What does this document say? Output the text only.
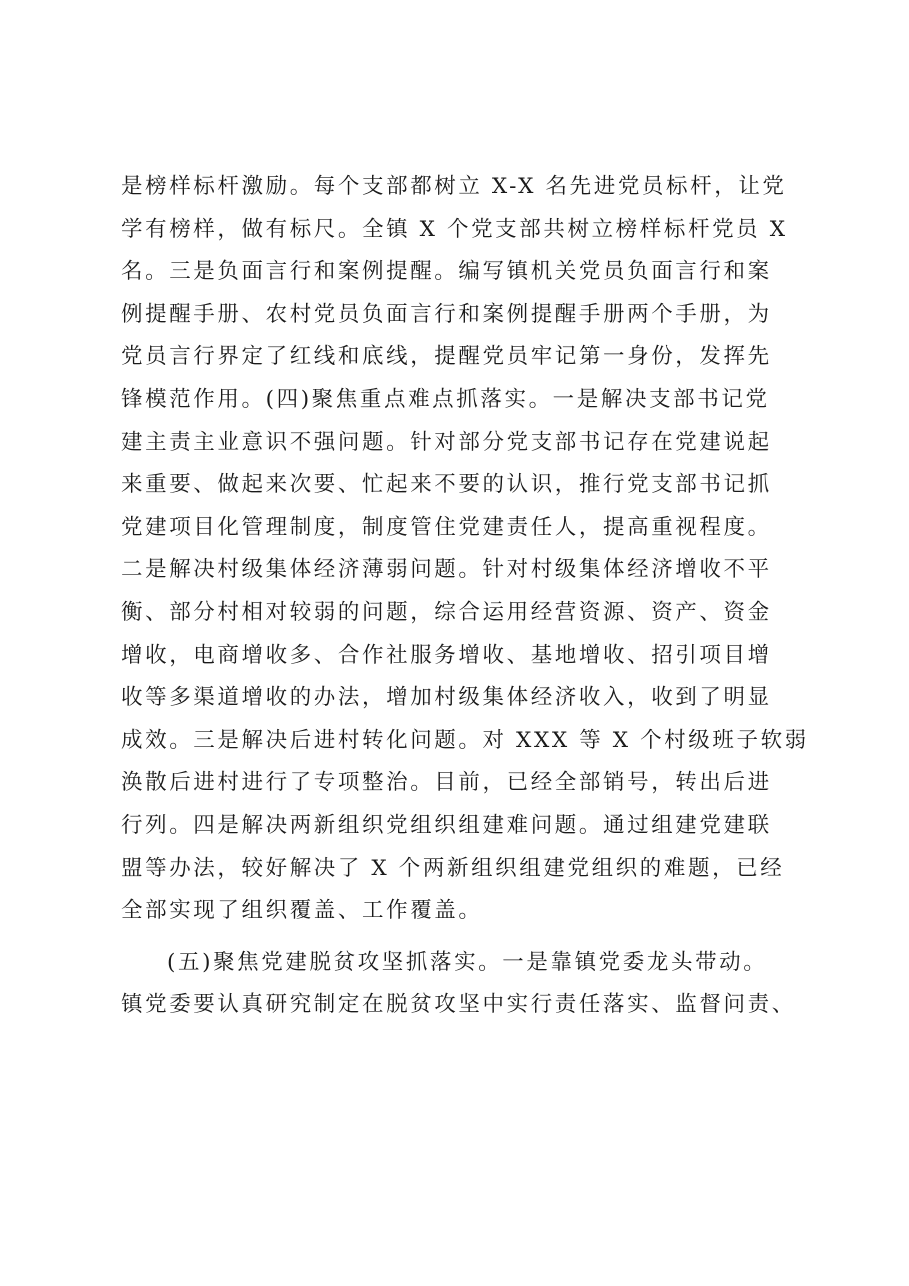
是榜样标杆激励。每个支部都树立 X-X 名先进党员标杆，让党
学有榜样，做有标尺。全镇 X 个党支部共树立榜样标杆党员 X
名。三是负面言行和案例提醒。编写镇机关党员负面言行和案
例提醒手册、农村党员负面言行和案例提醒手册两个手册，为
党员言行界定了红线和底线，提醒党员牢记第一身份，发挥先
锋模范作用。(四)聚焦重点难点抓落实。一是解决支部书记党
建主责主业意识不强问题。针对部分党支部书记存在党建说起
来重要、做起来次要、忙起来不要的认识，推行党支部书记抓
党建项目化管理制度，制度管住党建责任人，提高重视程度。
二是解决村级集体经济薄弱问题。针对村级集体经济增收不平
衡、部分村相对较弱的问题，综合运用经营资源、资产、资金
增收，电商增收多、合作社服务增收、基地增收、招引项目增
收等多渠道增收的办法，增加村级集体经济收入，收到了明显
成效。三是解决后进村转化问题。对 XXX 等 X 个村级班子软弱
涣散后进村进行了专项整治。目前，已经全部销号，转出后进
行列。四是解决两新组织党组织组建难问题。通过组建党建联
盟等办法，较好解决了 X 个两新组织组建党组织的难题，已经
全部实现了组织覆盖、工作覆盖。
(五)聚焦党建脱贫攻坚抓落实。一是靠镇党委龙头带动。
镇党委要认真研究制定在脱贫攻坚中实行责任落实、监督问责、
